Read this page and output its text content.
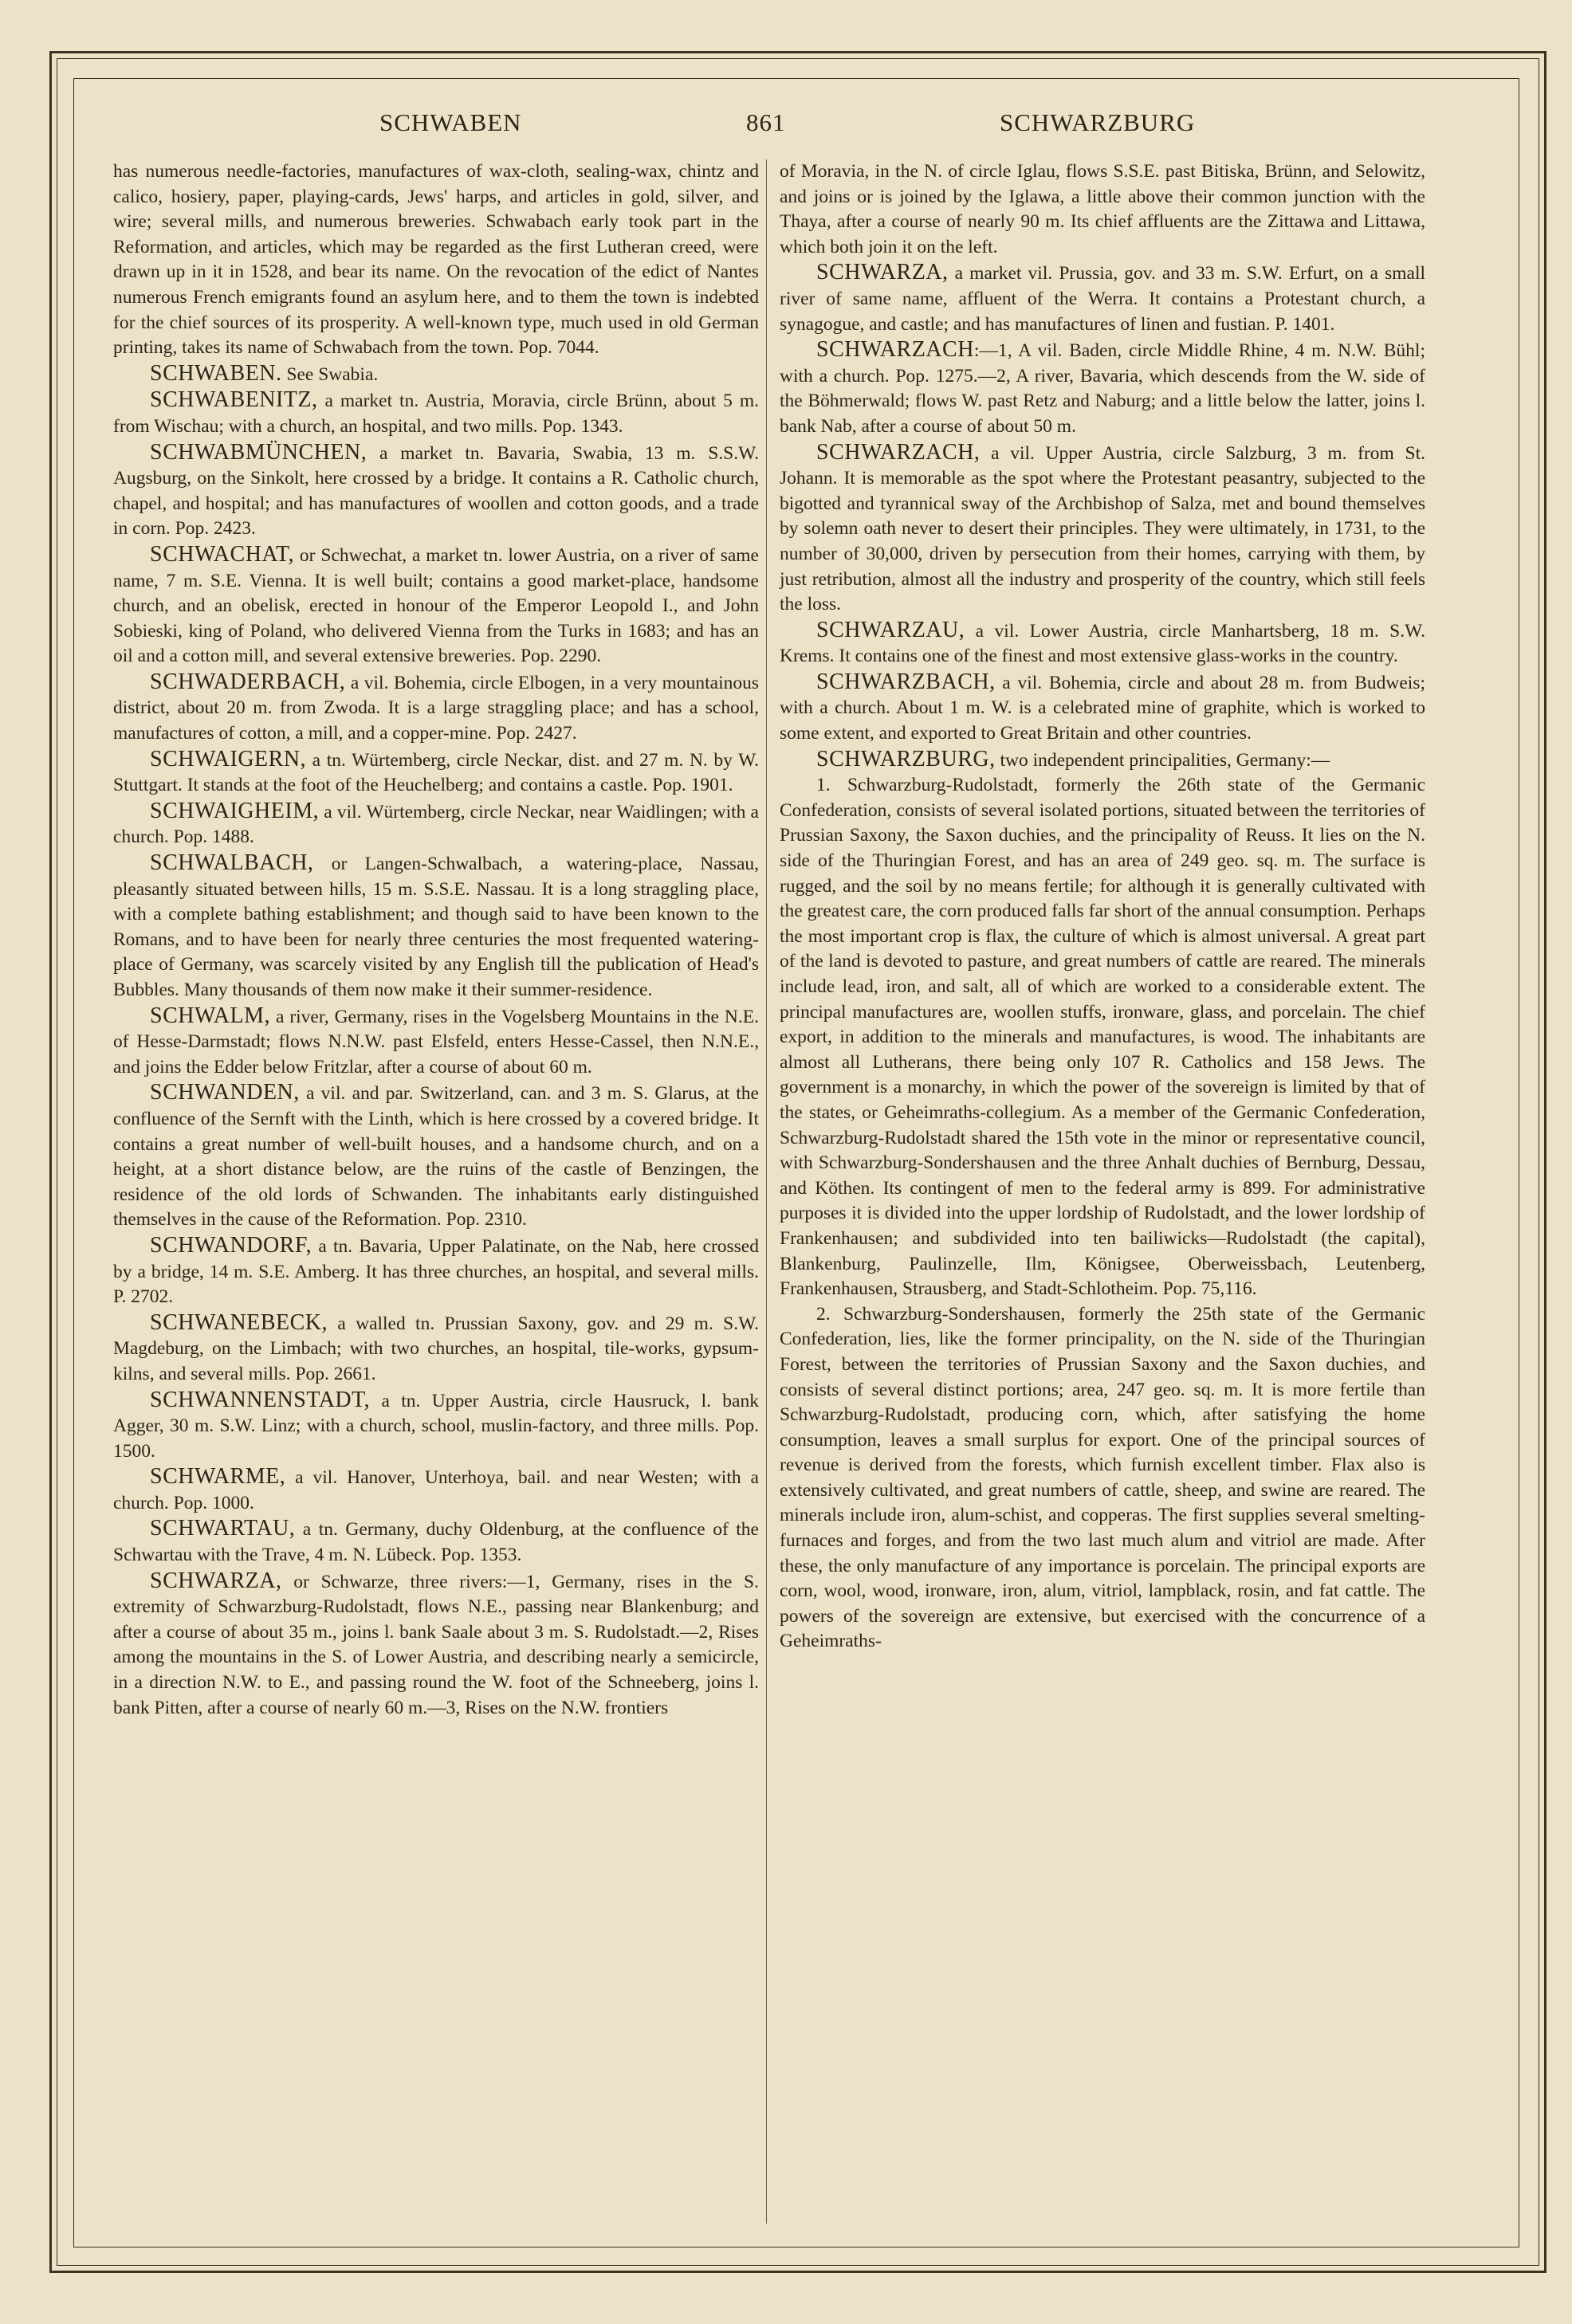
SCHWABEN	861	SCHWARZBURG

has numerous needle-factories, manufactures of wax-cloth, sealing-wax, chintz and calico, hosiery, paper, playing-cards, Jews' harps, and articles in gold, silver, and wire; several mills, and numerous breweries. Schwabach early took part in the Reformation, and articles, which may be regarded as the first Lutheran creed, were drawn up in it in 1528, and bear its name. On the revocation of the edict of Nantes numerous French emigrants found an asylum here, and to them the town is indebted for the chief sources of its prosperity. A well-known type, much used in old German printing, takes its name of Schwabach from the town. Pop. 7044.

SCHWABEN. See Swabia.

SCHWABENITZ, a market tn. Austria, Moravia, circle Brünn, about 5 m. from Wischau; with a church, an hospital, and two mills. Pop. 1343.

SCHWABMÜNCHEN, a market tn. Bavaria, Swabia, 13 m. S.S.W. Augsburg, on the Sinkolt, here crossed by a bridge. It contains a R. Catholic church, chapel, and hospital; and has manufactures of woollen and cotton goods, and a trade in corn. Pop. 2423.

SCHWACHAT, or Schwechat, a market tn. lower Austria, on a river of same name, 7 m. S.E. Vienna. It is well built; contains a good market-place, handsome church, and an obelisk, erected in honour of the Emperor Leopold I., and John Sobieski, king of Poland, who delivered Vienna from the Turks in 1683; and has an oil and a cotton mill, and several extensive breweries. Pop. 2290.

SCHWADERBACH, a vil. Bohemia, circle Elbogen, in a very mountainous district, about 20 m. from Zwoda. It is a large straggling place; and has a school, manufactures of cotton, a mill, and a copper-mine. Pop. 2427.

SCHWAIGERN, a tn. Würtemberg, circle Neckar, dist. and 27 m. N. by W. Stuttgart. It stands at the foot of the Heuchelberg; and contains a castle. Pop. 1901.

SCHWAIGHEIM, a vil. Würtemberg, circle Neckar, near Waidlingen; with a church. Pop. 1488.

SCHWALBACH, or Langen-Schwalbach, a watering-place, Nassau, pleasantly situated between hills, 15 m. S.S.E. Nassau. It is a long straggling place, with a complete bathing establishment; and though said to have been known to the Romans, and to have been for nearly three centuries the most frequented watering-place of Germany, was scarcely visited by any English till the publication of Head's Bubbles. Many thousands of them now make it their summer-residence.

SCHWALM, a river, Germany, rises in the Vogelsberg Mountains in the N.E. of Hesse-Darmstadt; flows N.N.W. past Elsfeld, enters Hesse-Cassel, then N.N.E., and joins the Edder below Fritzlar, after a course of about 60 m.

SCHWANDEN, a vil. and par. Switzerland, can. and 3 m. S. Glarus, at the confluence of the Sernft with the Linth, which is here crossed by a covered bridge. It contains a great number of well-built houses, and a handsome church, and on a height, at a short distance below, are the ruins of the castle of Benzingen, the residence of the old lords of Schwanden. The inhabitants early distinguished themselves in the cause of the Reformation. Pop. 2310.

SCHWANDORF, a tn. Bavaria, Upper Palatinate, on the Nab, here crossed by a bridge, 14 m. S.E. Amberg. It has three churches, an hospital, and several mills. P. 2702.

SCHWANEBECK, a walled tn. Prussian Saxony, gov. and 29 m. S.W. Magdeburg, on the Limbach; with two churches, an hospital, tile-works, gypsum-kilns, and several mills. Pop. 2661.

SCHWANNENSTADT, a tn. Upper Austria, circle Hausruck, l. bank Agger, 30 m. S.W. Linz; with a church, school, muslin-factory, and three mills. Pop. 1500.

SCHWARME, a vil. Hanover, Unterhoya, bail. and near Westen; with a church. Pop. 1000.

SCHWARTAU, a tn. Germany, duchy Oldenburg, at the confluence of the Schwartau with the Trave, 4 m. N. Lübeck. Pop. 1353.

SCHWARZA, or Schwarze, three rivers:—1, Germany, rises in the S. extremity of Schwarzburg-Rudolstadt, flows N.E., passing near Blankenburg; and after a course of about 35 m., joins l. bank Saale about 3 m. S. Rudolstadt.—2, Rises among the mountains in the S. of Lower Austria, and describing nearly a semicircle, in a direction N.W. to E., and passing round the W. foot of the Schneeberg, joins l. bank Pitten, after a course of nearly 60 m.—3, Rises on the N.W. frontiers

of Moravia, in the N. of circle Iglau, flows S.S.E. past Bitiska, Brünn, and Selowitz, and joins or is joined by the Iglawa, a little above their common junction with the Thaya, after a course of nearly 90 m. Its chief affluents are the Zittawa and Littawa, which both join it on the left.

SCHWARZA, a market vil. Prussia, gov. and 33 m. S.W. Erfurt, on a small river of same name, affluent of the Werra. It contains a Protestant church, a synagogue, and castle; and has manufactures of linen and fustian. P. 1401.

SCHWARZACH:—1, A vil. Baden, circle Middle Rhine, 4 m. N.W. Bühl; with a church. Pop. 1275.—2, A river, Bavaria, which descends from the W. side of the Böhmerwald; flows W. past Retz and Naburg; and a little below the latter, joins l. bank Nab, after a course of about 50 m.

SCHWARZACH, a vil. Upper Austria, circle Salzburg, 3 m. from St. Johann. It is memorable as the spot where the Protestant peasantry, subjected to the bigotted and tyrannical sway of the Archbishop of Salza, met and bound themselves by solemn oath never to desert their principles. They were ultimately, in 1731, to the number of 30,000, driven by persecution from their homes, carrying with them, by just retribution, almost all the industry and prosperity of the country, which still feels the loss.

SCHWARZAU, a vil. Lower Austria, circle Manhartsberg, 18 m. S.W. Krems. It contains one of the finest and most extensive glass-works in the country.

SCHWARZBACH, a vil. Bohemia, circle and about 28 m. from Budweis; with a church. About 1 m. W. is a celebrated mine of graphite, which is worked to some extent, and exported to Great Britain and other countries.

SCHWARZBURG, two independent principalities, Germany:—

1. Schwarzburg-Rudolstadt, formerly the 26th state of the Germanic Confederation, consists of several isolated portions, situated between the territories of Prussian Saxony, the Saxon duchies, and the principality of Reuss. It lies on the N. side of the Thuringian Forest, and has an area of 249 geo. sq. m. The surface is rugged, and the soil by no means fertile; for although it is generally cultivated with the greatest care, the corn produced falls far short of the annual consumption. Perhaps the most important crop is flax, the culture of which is almost universal. A great part of the land is devoted to pasture, and great numbers of cattle are reared. The minerals include lead, iron, and salt, all of which are worked to a considerable extent. The principal manufactures are, woollen stuffs, ironware, glass, and porcelain. The chief export, in addition to the minerals and manufactures, is wood. The inhabitants are almost all Lutherans, there being only 107 R. Catholics and 158 Jews. The government is a monarchy, in which the power of the sovereign is limited by that of the states, or Geheimraths-collegium. As a member of the Germanic Confederation, Schwarzburg-Rudolstadt shared the 15th vote in the minor or representative council, with Schwarzburg-Sondershausen and the three Anhalt duchies of Bernburg, Dessau, and Köthen. Its contingent of men to the federal army is 899. For administrative purposes it is divided into the upper lordship of Rudolstadt, and the lower lordship of Frankenhausen; and subdivided into ten bailiwicks—Rudolstadt (the capital), Blankenburg, Paulinzelle, Ilm, Königsee, Oberweissbach, Leutenberg, Frankenhausen, Strausberg, and Stadt-Schlotheim. Pop. 75,116.

2. Schwarzburg-Sondershausen, formerly the 25th state of the Germanic Confederation, lies, like the former principality, on the N. side of the Thuringian Forest, between the territories of Prussian Saxony and the Saxon duchies, and consists of several distinct portions; area, 247 geo. sq. m. It is more fertile than Schwarzburg-Rudolstadt, producing corn, which, after satisfying the home consumption, leaves a small surplus for export. One of the principal sources of revenue is derived from the forests, which furnish excellent timber. Flax also is extensively cultivated, and great numbers of cattle, sheep, and swine are reared. The minerals include iron, alum-schist, and copperas. The first supplies several smelting-furnaces and forges, and from the two last much alum and vitriol are made. After these, the only manufacture of any importance is porcelain. The principal exports are corn, wool, wood, ironware, iron, alum, vitriol, lampblack, rosin, and fat cattle. The powers of the sovereign are extensive, but exercised with the concurrence of a Geheimraths-
